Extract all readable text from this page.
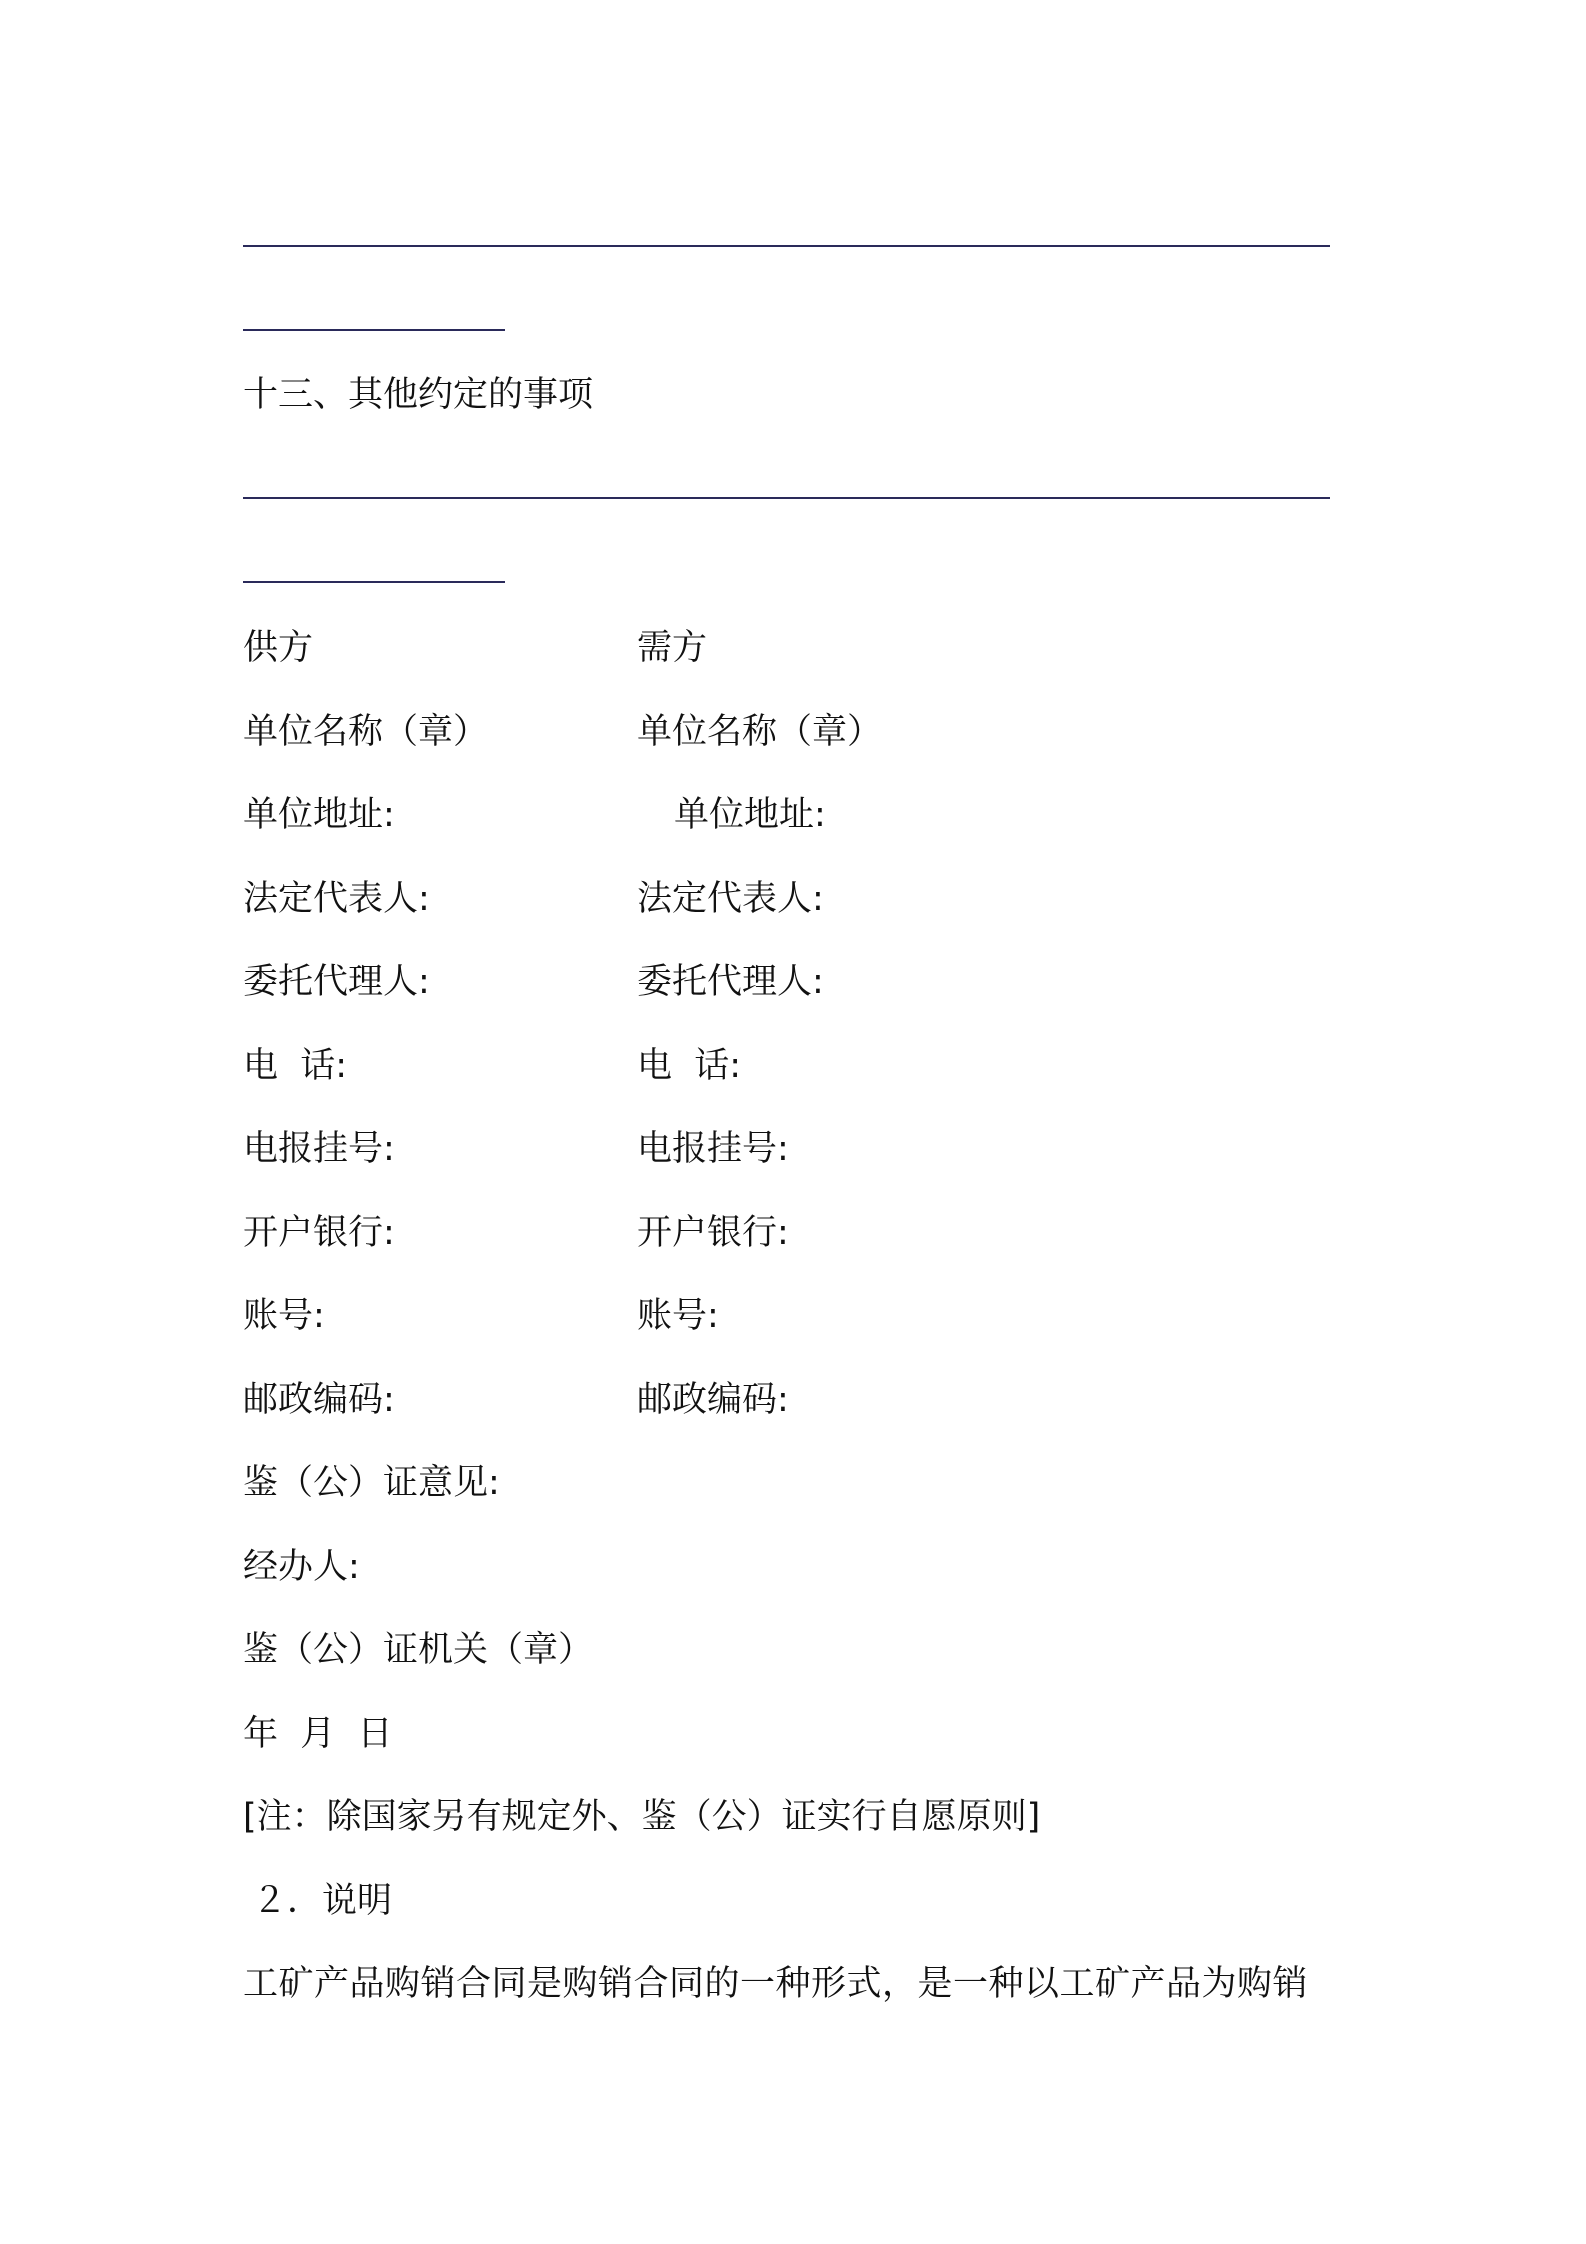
十三、其他约定的事项
供方	需方
单位名称（章）	单位名称（章）
单位地址:	单位地址:
法定代表人:	法定代表人:
委托代理人:	委托代理人:
电  话:	电  话:
电报挂号:	电报挂号:
开户银行:	开户银行:
账号:	账号:
邮政编码:	邮政编码:
鉴（公）证意见:
经办人:
鉴（公）证机关（章）
年  月  日
[注：除国家另有规定外、鉴（公）证实行自愿原则]
２．说明
工矿产品购销合同是购销合同的一种形式，是一种以工矿产品为购销
